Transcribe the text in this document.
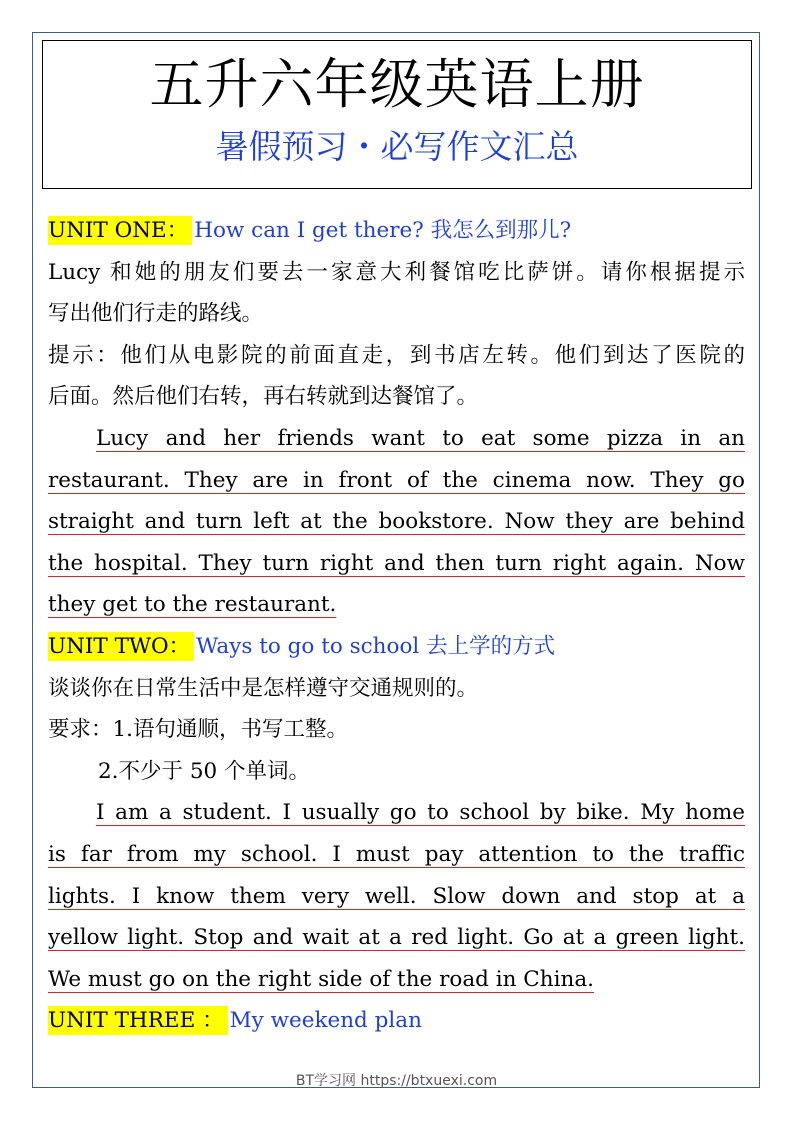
五升六年级英语上册
暑假预习・必写作文汇总
UNIT ONE： How can I get there? 我怎么到那儿?
Lucy 和她的朋友们要去一家意大利餐馆吃比萨饼。请你根据提示
写出他们行走的路线。
提示：他们从电影院的前面直走，到书店左转。他们到达了医院的
后面。然后他们右转，再右转就到达餐馆了。
Lucy and her friends want to eat some pizza in an
restaurant. They are in front of the cinema now. They go
straight and turn left at the bookstore. Now they are behind
the hospital. They turn right and then turn right again. Now
they get to the restaurant.
UNIT TWO： Ways to go to school 去上学的方式
谈谈你在日常生活中是怎样遵守交通规则的。
要求：1.语句通顺，书写工整。
2.不少于 50 个单词。
I am a student. I usually go to school by bike. My home
is far from my school. I must pay attention to the traffic
lights. I know them very well. Slow down and stop at a
yellow light. Stop and wait at a red light. Go at a green light.
We must go on the right side of the road in China.
UNIT THREE ： My weekend plan
BT学习网 https://btxuexi.com
